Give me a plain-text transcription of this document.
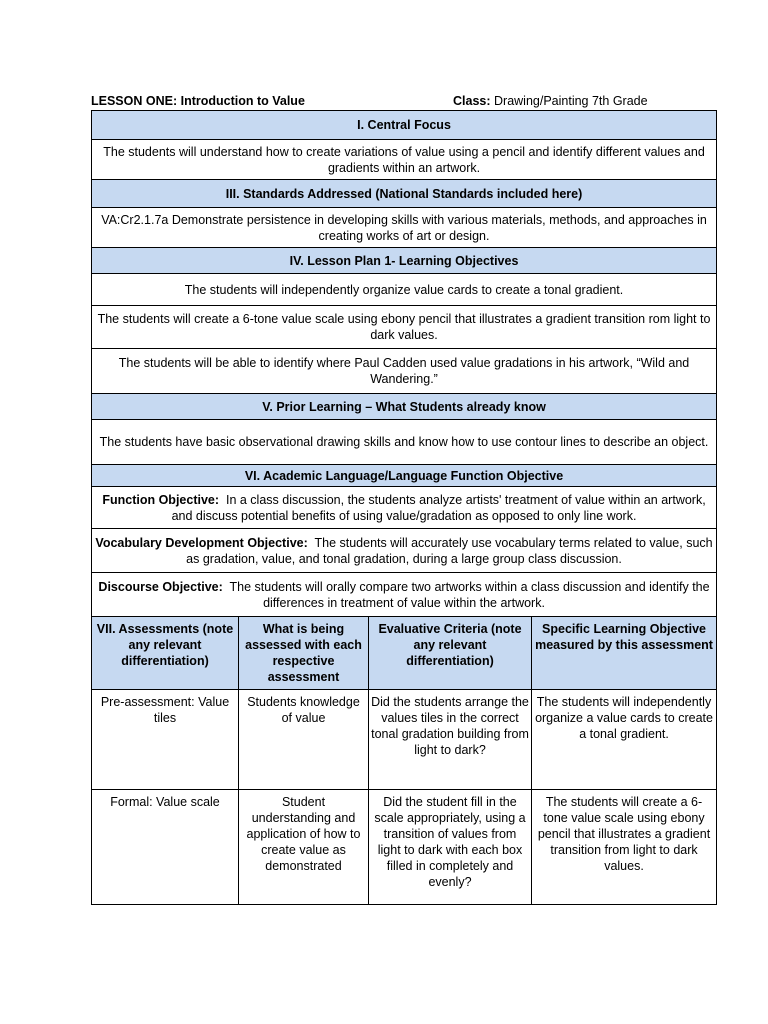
LESSON ONE: Introduction to Value	Class: Drawing/Painting 7th Grade
I. Central Focus			
The students will understand how to create variations of value using a pencil and identify different values and gradients within an artwork.			
III. Standards Addressed (National Standards included here)			
VA:Cr2.1.7a Demonstrate persistence in developing skills with various materials, methods, and approaches in creating works of art or design.			
IV. Lesson Plan 1- Learning Objectives			
The students will independently organize value cards to create a tonal gradient.			
The students will create a 6-tone value scale using ebony pencil that illustrates a gradient transition rom light to dark values.			
The students will be able to identify where Paul Cadden used value gradations in his artwork, “Wild and Wandering.”			
V. Prior Learning – What Students already know			
The students have basic observational drawing skills and know how to use contour lines to describe an object.			
VI. Academic Language/Language Function Objective			
Function Objective: In a class discussion, the students analyze artists' treatment of value within an artwork, and discuss potential benefits of using value/gradation as opposed to only line work.			
Vocabulary Development Objective: The students will accurately use vocabulary terms related to value, such as gradation, value, and tonal gradation, during a large group class discussion.			
Discourse Objective: The students will orally compare two artworks within a class discussion and identify the differences in treatment of value within the artwork.			
VII. Assessments (note any relevant differentiation)	What is being assessed with each respective assessment	Evaluative Criteria (note any relevant differentiation)	Specific Learning Objective measured by this assessment
Pre-assessment: Value tiles	Students knowledge of value	Did the students arrange the values tiles in the correct tonal gradation building from light to dark?	The students will independently organize a value cards to create a tonal gradient.
Formal: Value scale	Student understanding and application of how to create value as demonstrated	Did the student fill in the scale appropriately, using a transition of values from light to dark with each box filled in completely and evenly?	The students will create a 6-tone value scale using ebony pencil that illustrates a gradient transition from light to dark values.
